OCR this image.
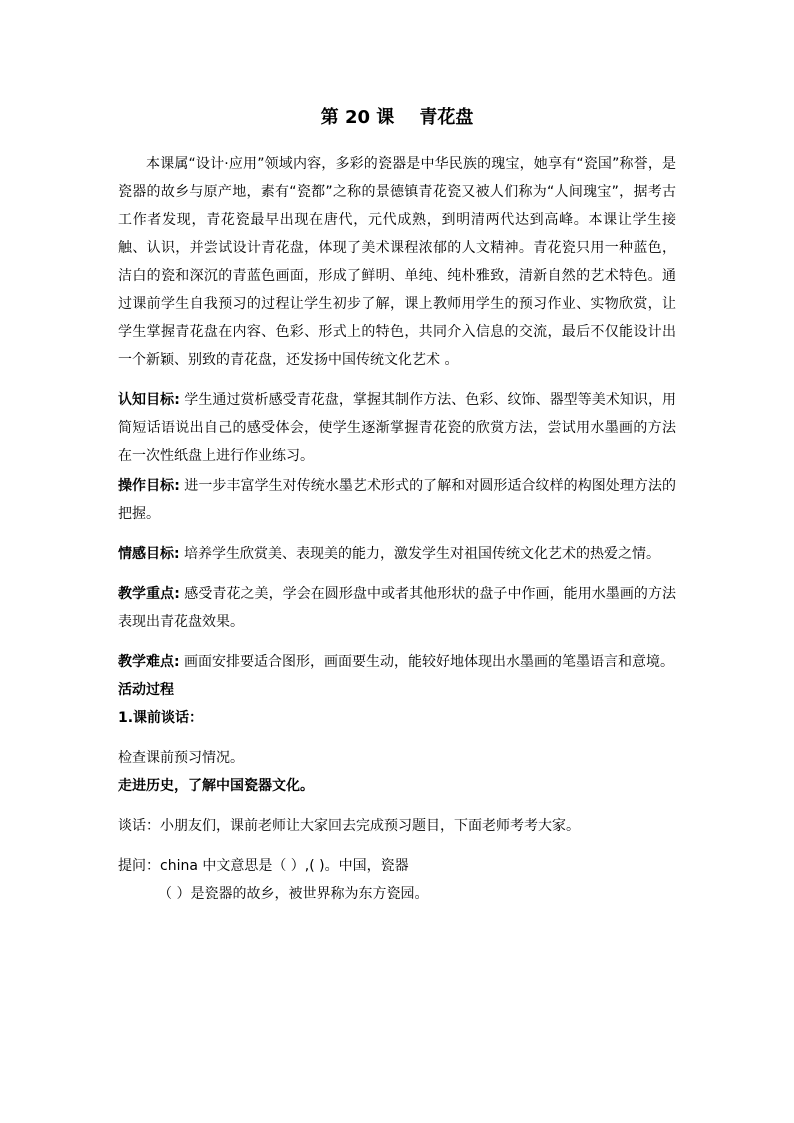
第 20 课    青花盘

本课属“设计·应用”领域内容，多彩的瓷器是中华民族的瑰宝，她享有“瓷国”称誉，是瓷器的故乡与原产地，素有“瓷都”之称的景德镇青花瓷又被人们称为“人间瑰宝”，据考古工作者发现，青花瓷最早出现在唐代，元代成熟，到明清两代达到高峰。本课让学生接触、认识，并尝试设计青花盘，体现了美术课程浓郁的人文精神。青花瓷只用一种蓝色，洁白的瓷和深沉的青蓝色画面，形成了鲜明、单纯、纯朴雅致，清新自然的艺术特色。通过课前学生自我预习的过程让学生初步了解，课上教师用学生的预习作业、实物欣赏，让学生掌握青花盘在内容、色彩、形式上的特色，共同介入信息的交流，最后不仅能设计出一个新颖、别致的青花盘，还发扬中国传统文化艺术 。

认知目标: 学生通过赏析感受青花盘，掌握其制作方法、色彩、纹饰、器型等美术知识，用简短话语说出自己的感受体会，使学生逐渐掌握青花瓷的欣赏方法，尝试用水墨画的方法在一次性纸盘上进行作业练习。

操作目标: 进一步丰富学生对传统水墨艺术形式的了解和对圆形适合纹样的构图处理方法的把握。

情感目标: 培养学生欣赏美、表现美的能力，激发学生对祖国传统文化艺术的热爱之情。

教学重点: 感受青花之美，学会在圆形盘中或者其他形状的盘子中作画，能用水墨画的方法表现出青花盘效果。

教学难点: 画面安排要适合图形，画面要生动，能较好地体现出水墨画的笔墨语言和意境。

活动过程

1.课前谈话：

检查课前预习情况。

走进历史，了解中国瓷器文化。

谈话：小朋友们，课前老师让大家回去完成预习题目，下面老师考考大家。

提问：china 中文意思是（ ）,( )。中国，瓷器

（ ）是瓷器的故乡，被世界称为东方瓷园。
